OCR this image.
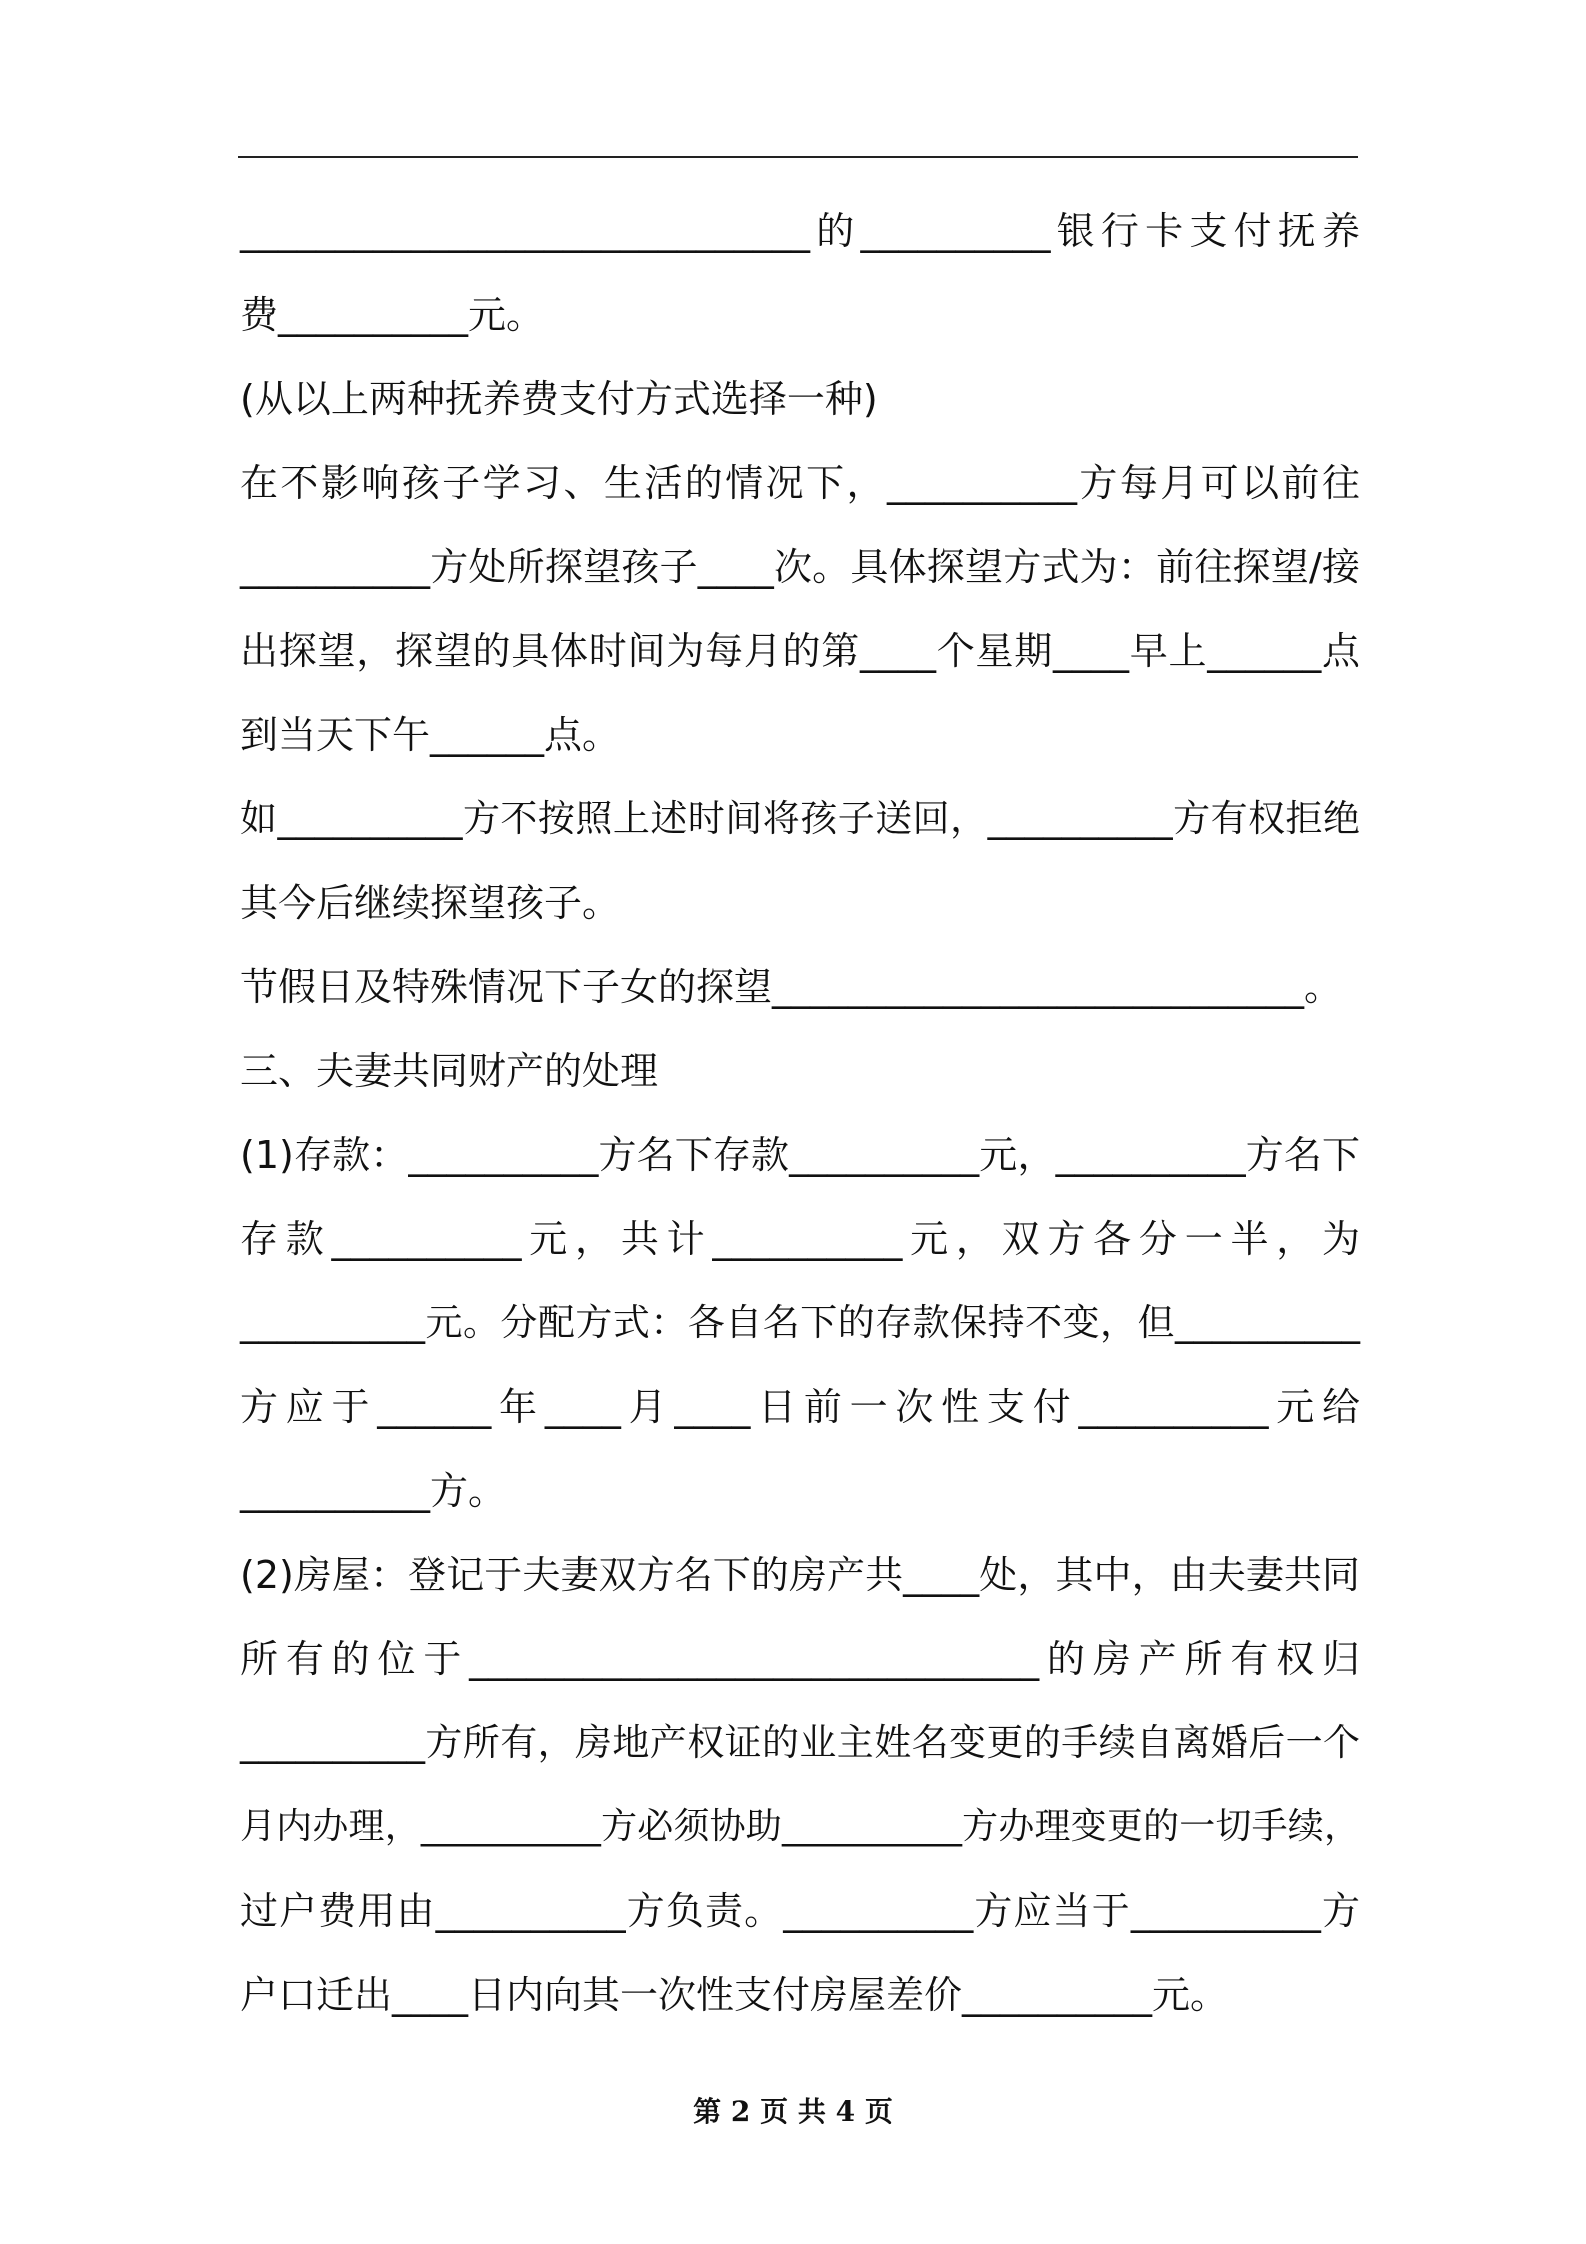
______________________________的__________银行卡支付抚养
费__________元。
(从以上两种抚养费支付方式选择一种)
在不影响孩子学习、生活的情况下，__________方每月可以前往
__________方处所探望孩子____次。具体探望方式为：前往探望/接
出探望，探望的具体时间为每月的第____个星期____早上______点
到当天下午______点。
如__________方不按照上述时间将孩子送回，__________方有权拒绝
其今后继续探望孩子。
节假日及特殊情况下子女的探望____________________________。
三、夫妻共同财产的处理
(1)存款：__________方名下存款__________元，__________方名下
存款__________元，共计__________元，双方各分一半，为
__________元。分配方式：各自名下的存款保持不变，但__________
方应于______年____月____日前一次性支付__________元给
__________方。
(2)房屋：登记于夫妻双方名下的房产共____处，其中，由夫妻共同
所有的位于______________________________的房产所有权归
__________方所有，房地产权证的业主姓名变更的手续自离婚后一个
月内办理，__________方必须协助__________方办理变更的一切手续，
过户费用由__________方负责。__________方应当于__________方
户口迁出____日内向其一次性支付房屋差价__________元。
第 2 页 共 4 页
